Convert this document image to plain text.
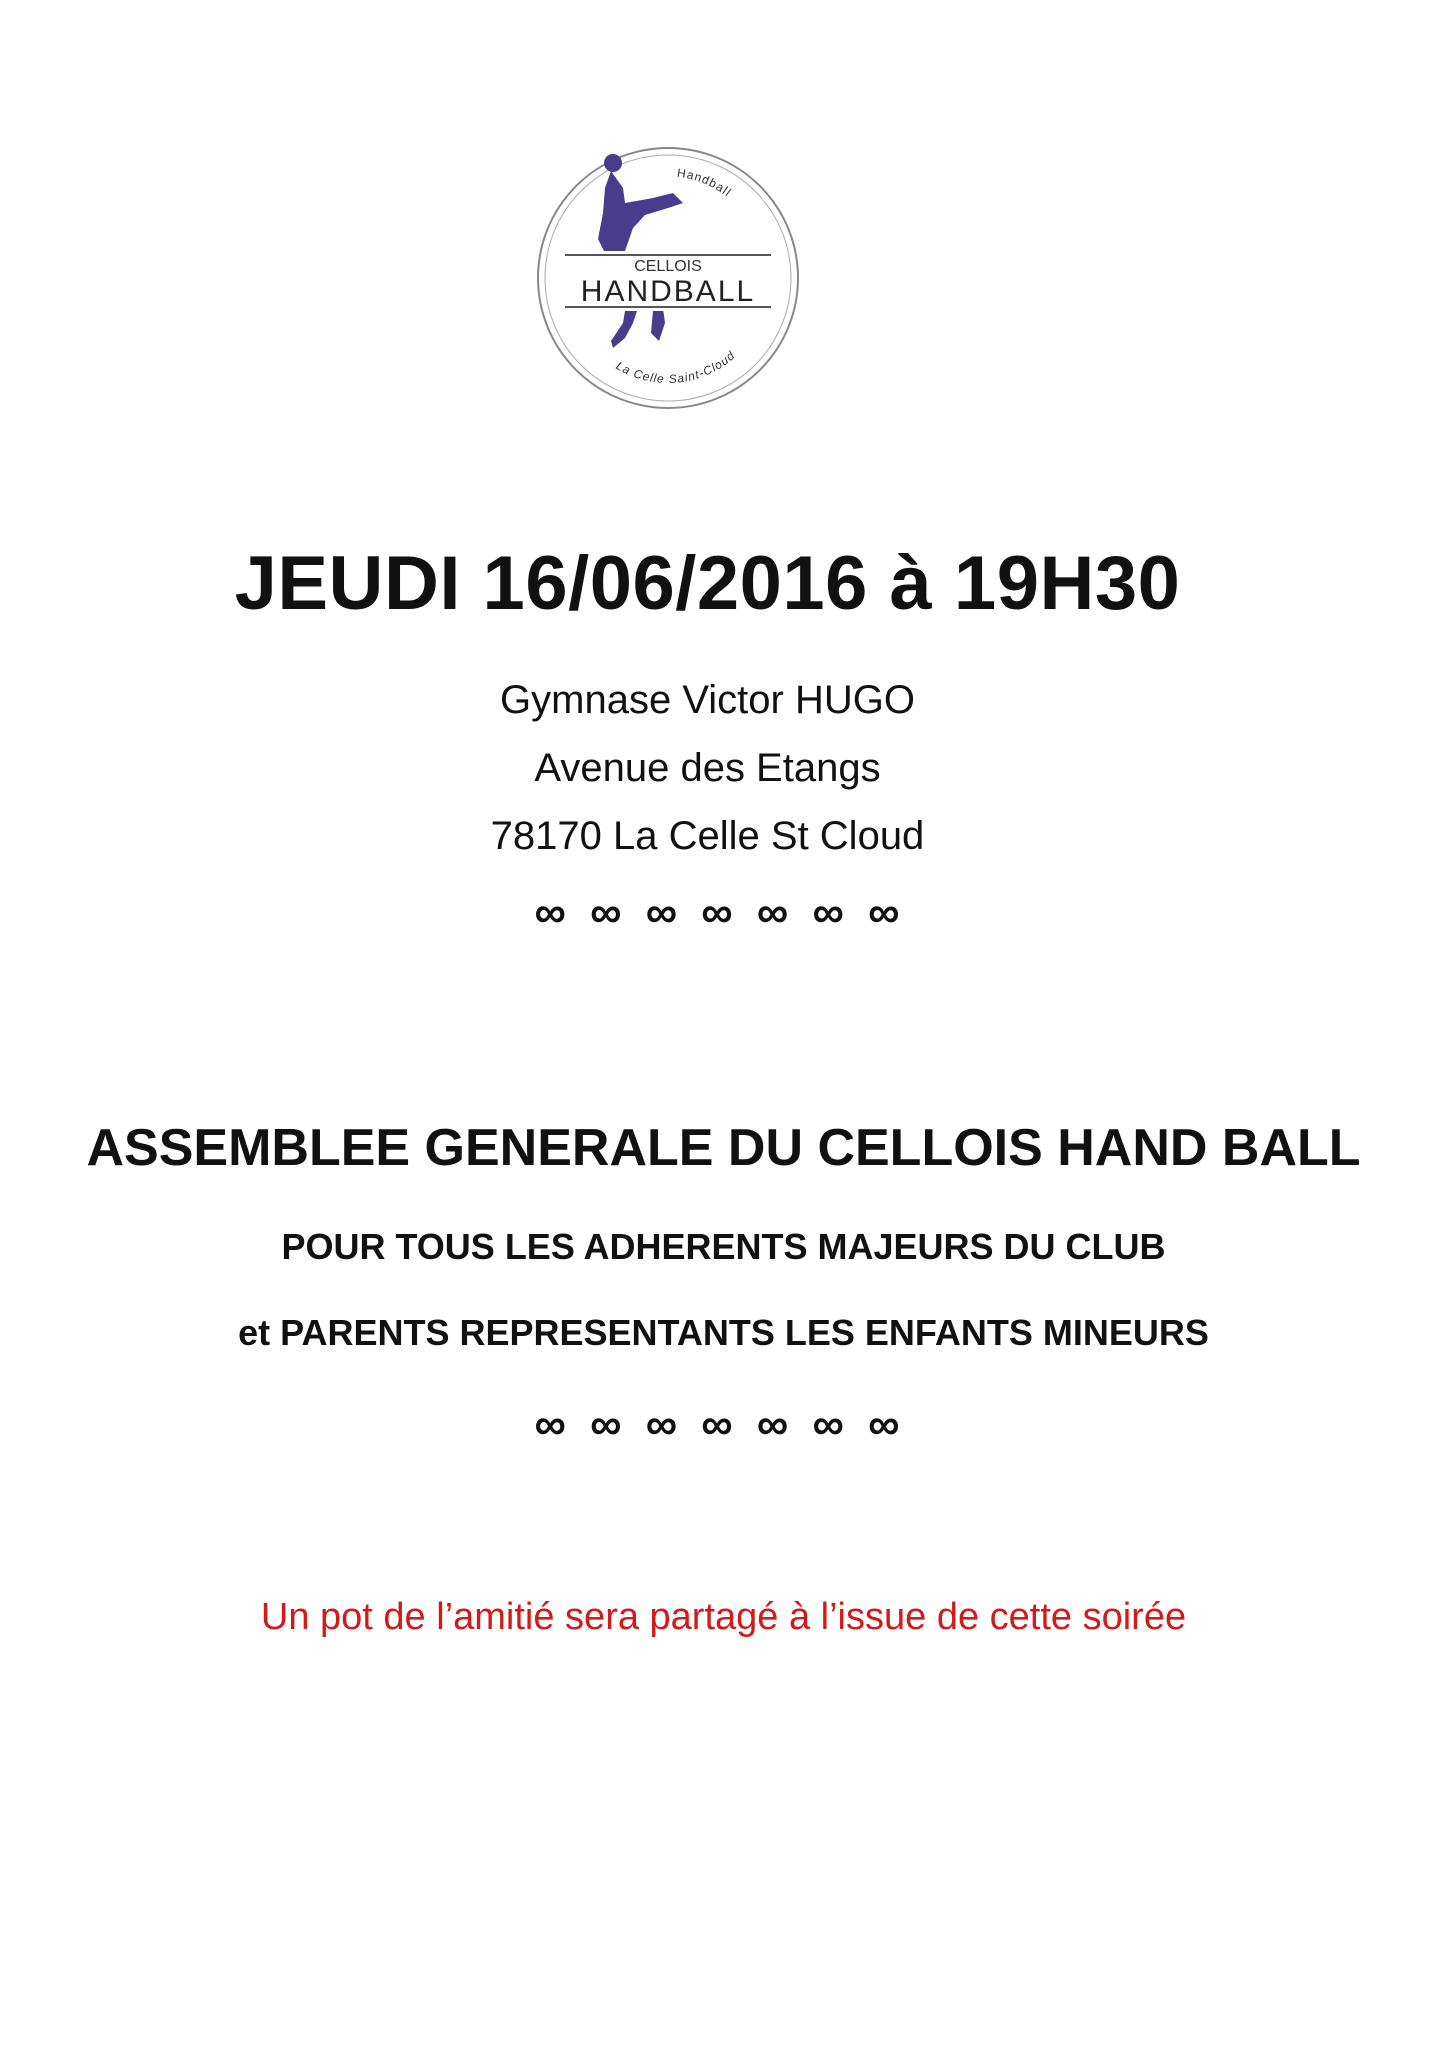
CELLOIS
HANDBALL
Handball
La Celle Saint-Cloud
JEUDI 16/06/2016 à 19H30
Gymnase Victor HUGO
Avenue des Etangs
78170 La Celle St Cloud
∞ ∞ ∞ ∞ ∞ ∞ ∞
ASSEMBLEE GENERALE DU CELLOIS HAND BALL
POUR TOUS LES ADHERENTS MAJEURS DU CLUB
et PARENTS REPRESENTANTS LES ENFANTS MINEURS
∞ ∞ ∞ ∞ ∞ ∞ ∞
Un pot de l’amitié sera partagé à l’issue de cette soirée
